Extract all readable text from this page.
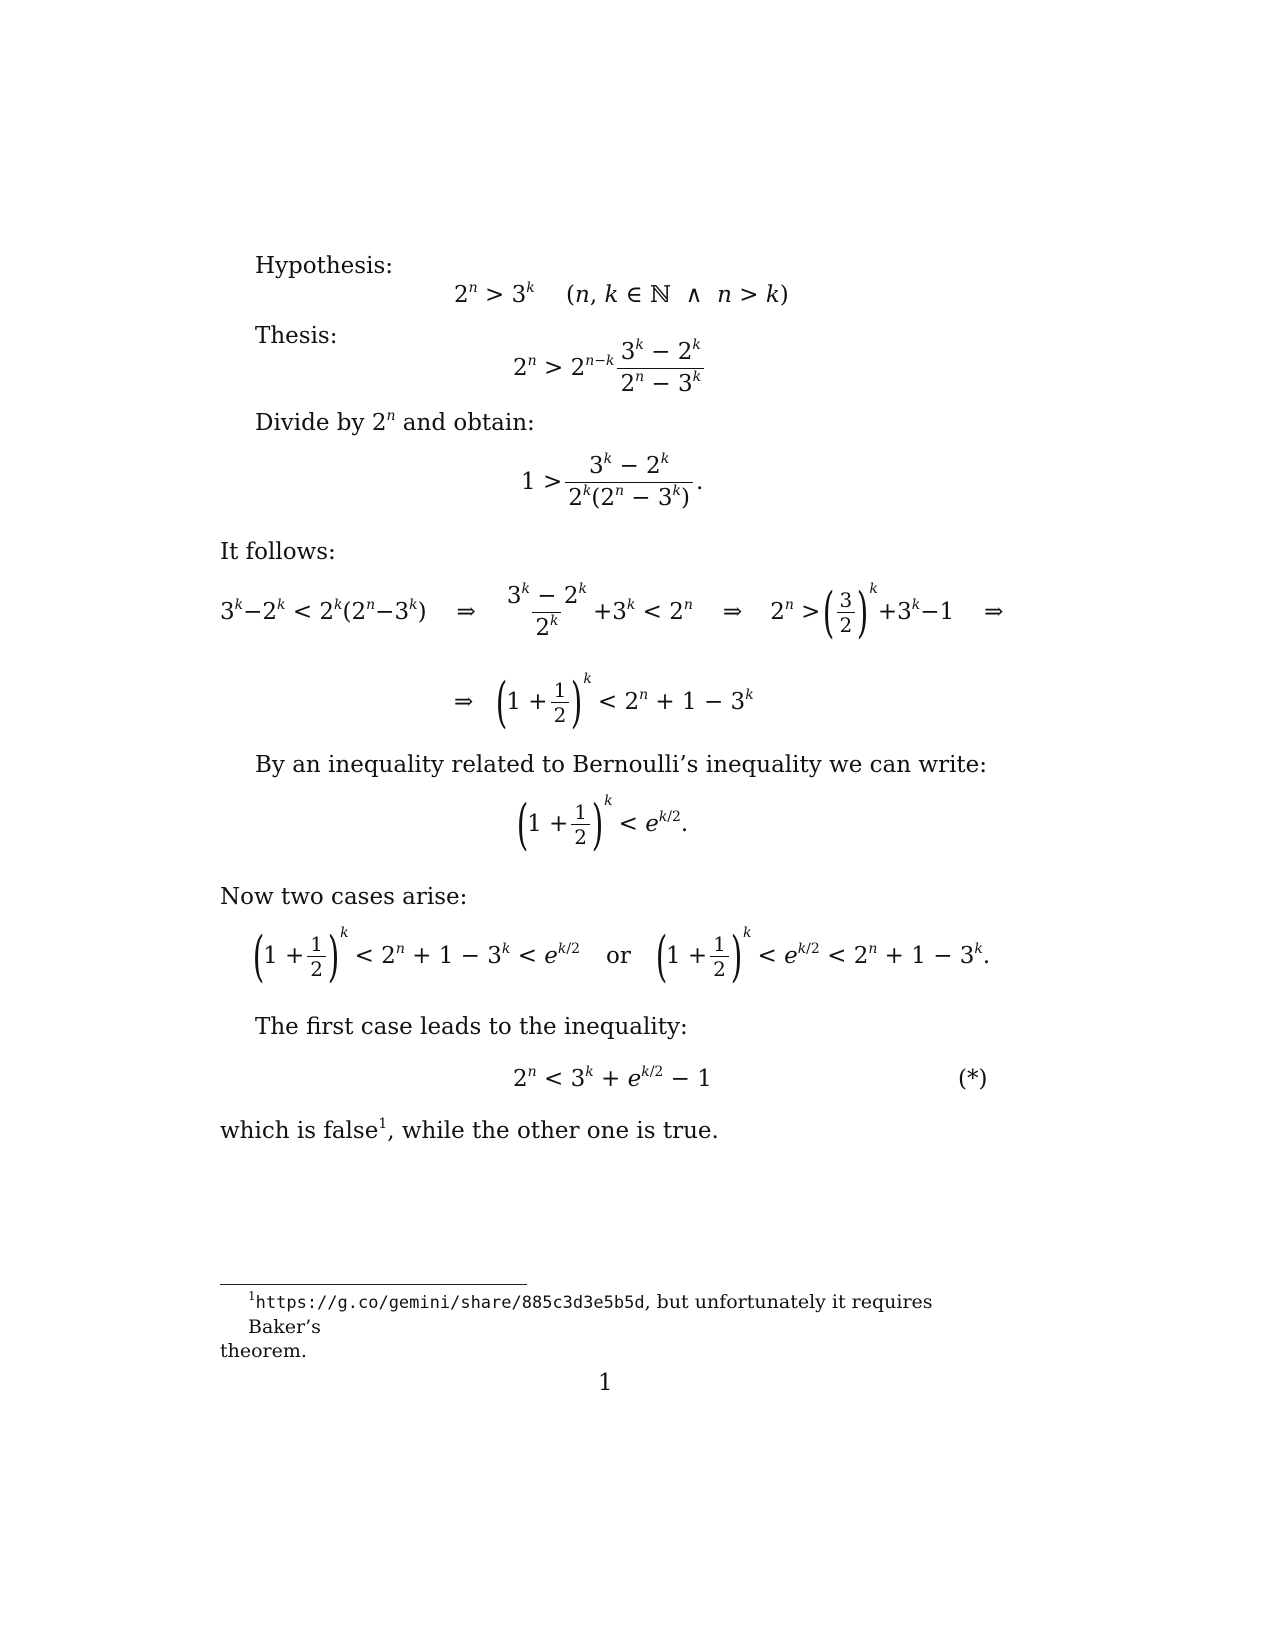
Hypothesis:
$2^n > 3^k$ (n, k ∈ ℕ  ∧  n > k)
Thesis:
$2^n > 2^{n-k} \frac{3^k - 2^k}{2^n - 3^k}$
Divide by 2$^n$ and obtain:
$1 > \frac{3^k - 2^k}{2^k(2^n - 3^k)}$ .
It follows:
$3^k-2^k < 2^k(2^n-3^k)$ ⇒ $\frac{3^k - 2^k}{2^k} +3^k < 2^n$ ⇒ $2^n$ > ( $\frac{3}{2}$ ) k
$+3^k-1$ ⇒
⇒ (
$1 + \frac{1}{2}$ ) k
< $2^n + 1 - 3^k$
By an inequality related to Bernoulli’s inequality we can write:
(
$1 + \frac{1}{2}$ ) k
< $e^{k/2}$.
Now two cases arise:
(
$1 + \frac{1}{2}$ ) k
< $2^n + 1 - 3^k < e^{k/2}$ or (
$1 + \frac{1}{2}$ ) k
< $e^{k/2} < 2^n + 1 - 3^k$.
The first case leads to the inequality:
$2^n < 3^k + e^{k/2} - 1$	(*)
which is false$^1$, while the other one is true.
$^1$https://g.co/gemini/share/885c3d3e5b5d, but unfortunately it requires Baker’s
theorem.
1
